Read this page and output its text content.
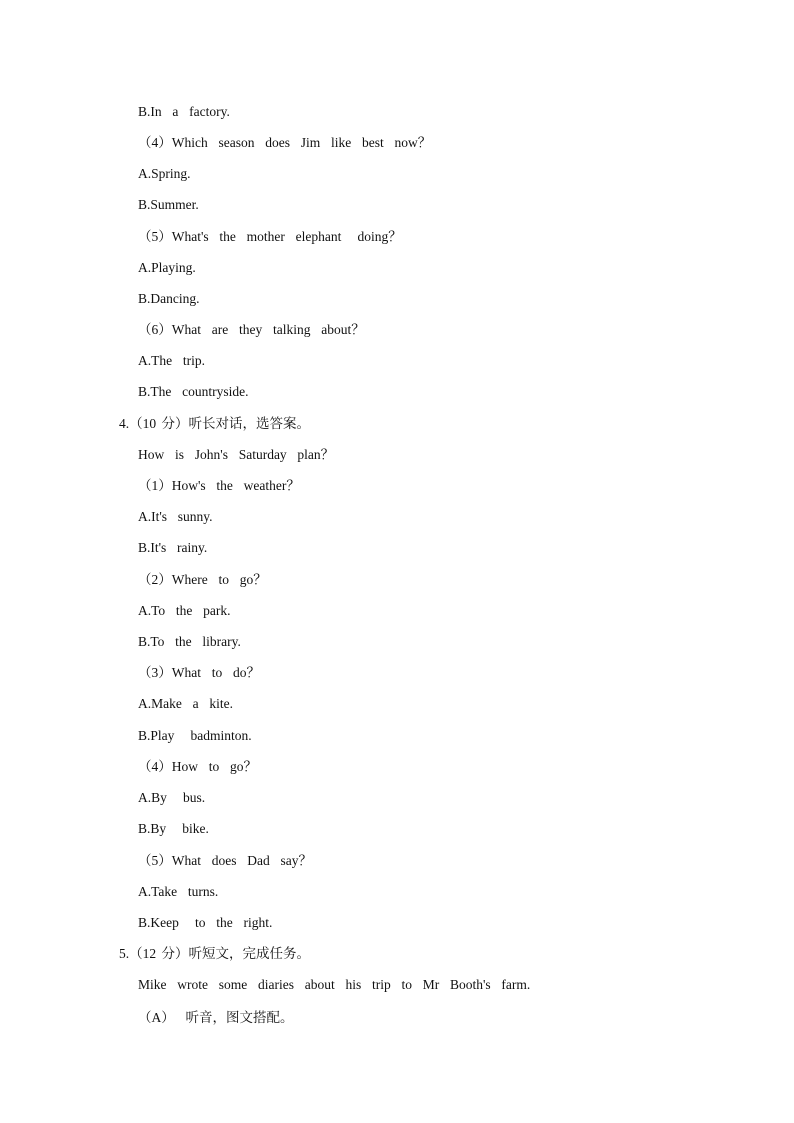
B.In  a  factory.
（4）Which  season  does  Jim  like  best  now？
A.Spring.
B.Summer.
（5）What's  the  mother  elephant   doing？
A.Playing.
B.Dancing.
（6）What  are  they  talking  about？
A.The  trip.
B.The  countryside.
4.（10 分）听长对话，选答案。
How  is  John's  Saturday  plan？
（1）How's  the  weather？
A.It's  sunny.
B.It's  rainy.
（2）Where  to  go？
A.To  the  park.
B.To  the  library.
（3）What  to  do？
A.Make  a  kite.
B.Play   badminton.
（4）How  to  go？
A.By   bus.
B.By   bike.
（5）What  does  Dad  say？
A.Take  turns.
B.Keep   to  the  right.
5.（12 分）听短文，完成任务。
Mike  wrote  some  diaries  about  his  trip  to  Mr  Booth's  farm.
（A）  听音，图文搭配。
